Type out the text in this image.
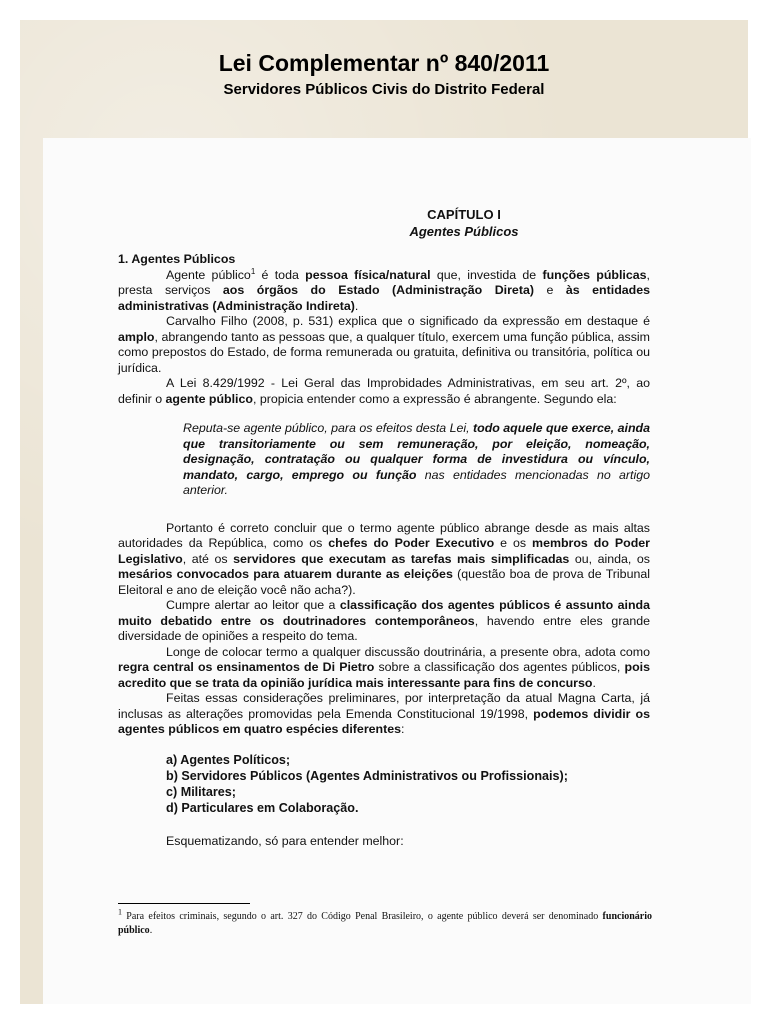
Lei Complementar nº 840/2011
Servidores Públicos Civis do Distrito Federal
CAPÍTULO I
Agentes Públicos
1. Agentes Públicos

Agente público$^1$ é toda pessoa física/natural que, investida de funções públicas, presta serviços aos órgãos do Estado (Administração Direta) e às entidades administrativas (Administração Indireta).

Carvalho Filho (2008, p. 531) explica que o significado da expressão em destaque é amplo, abrangendo tanto as pessoas que, a qualquer título, exercem uma função pública, assim como prepostos do Estado, de forma remunerada ou gratuita, definitiva ou transitória, política ou jurídica.

A Lei 8.429/1992 - Lei Geral das Improbidades Administrativas, em seu art. 2º, ao definir o agente público, propicia entender como a expressão é abrangente. Segundo ela:

Reputa-se agente público, para os efeitos desta Lei, todo aquele que exerce, ainda que transitoriamente ou sem remuneração, por eleição, nomeação, designação, contratação ou qualquer forma de investidura ou vínculo, mandato, cargo, emprego ou função nas entidades mencionadas no artigo anterior.

Portanto é correto concluir que o termo agente público abrange desde as mais altas autoridades da República, como os chefes do Poder Executivo e os membros do Poder Legislativo, até os servidores que executam as tarefas mais simplificadas ou, ainda, os mesários convocados para atuarem durante as eleições (questão boa de prova de Tribunal Eleitoral e ano de eleição você não acha?).

Cumpre alertar ao leitor que a classificação dos agentes públicos é assunto ainda muito debatido entre os doutrinadores contemporâneos, havendo entre eles grande diversidade de opiniões a respeito do tema.

Longe de colocar termo a qualquer discussão doutrinária, a presente obra, adota como regra central os ensinamentos de Di Pietro sobre a classificação dos agentes públicos, pois acredito que se trata da opinião jurídica mais interessante para fins de concurso.

Feitas essas considerações preliminares, por interpretação da atual Magna Carta, já inclusas as alterações promovidas pela Emenda Constitucional 19/1998, podemos dividir os agentes públicos em quatro espécies diferentes:

a) Agentes Políticos;
b) Servidores Públicos (Agentes Administrativos ou Profissionais);
c) Militares;
d) Particulares em Colaboração.

Esquematizando, só para entender melhor:

$^1$ Para efeitos criminais, segundo o art. 327 do Código Penal Brasileiro, o agente público deverá ser denominado funcionário público.
